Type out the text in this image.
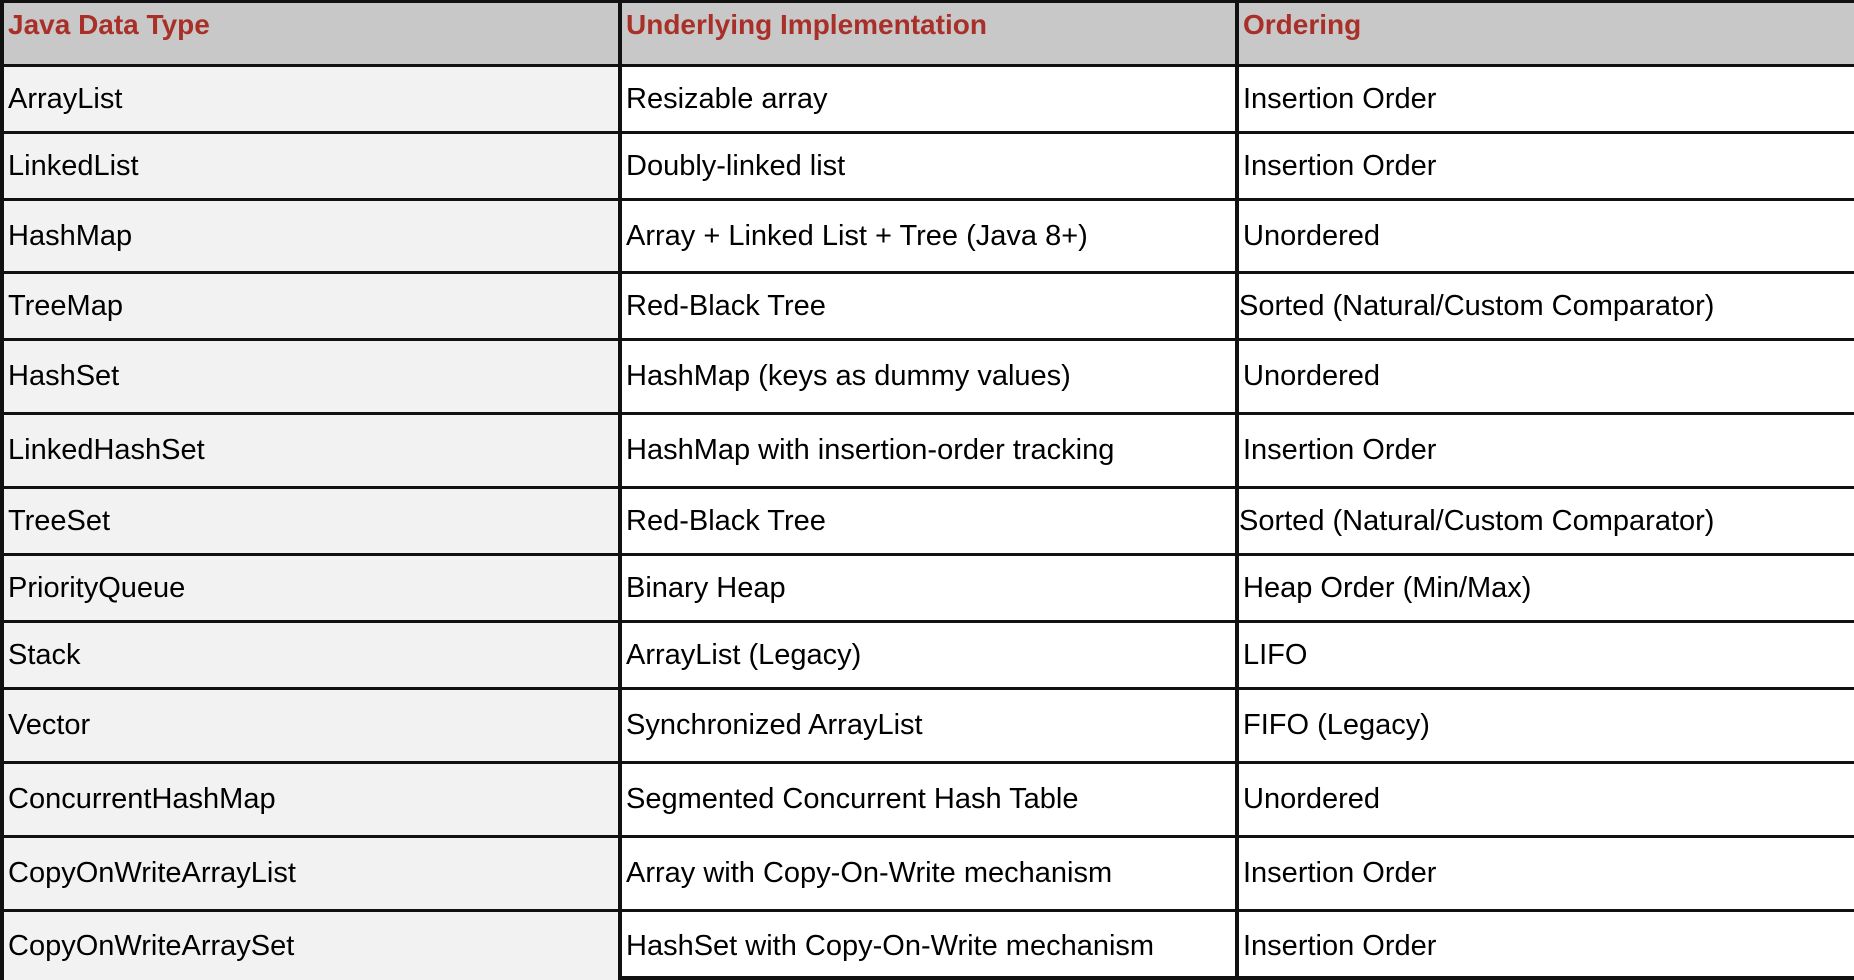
Java Data Type	Underlying Implementation	Ordering
ArrayList	Resizable array	Insertion Order
LinkedList	Doubly-linked list	Insertion Order
HashMap	Array + Linked List + Tree (Java 8+)	Unordered
TreeMap	Red-Black Tree	Sorted (Natural/Custom Comparator)
HashSet	HashMap (keys as dummy values)	Unordered
LinkedHashSet	HashMap with insertion-order tracking	Insertion Order
TreeSet	Red-Black Tree	Sorted (Natural/Custom Comparator)
PriorityQueue	Binary Heap	Heap Order (Min/Max)
Stack	ArrayList (Legacy)	LIFO
Vector	Synchronized ArrayList	FIFO (Legacy)
ConcurrentHashMap	Segmented Concurrent Hash Table	Unordered
CopyOnWriteArrayList	Array with Copy-On-Write mechanism	Insertion Order
CopyOnWriteArraySet	HashSet with Copy-On-Write mechanism	Insertion Order
